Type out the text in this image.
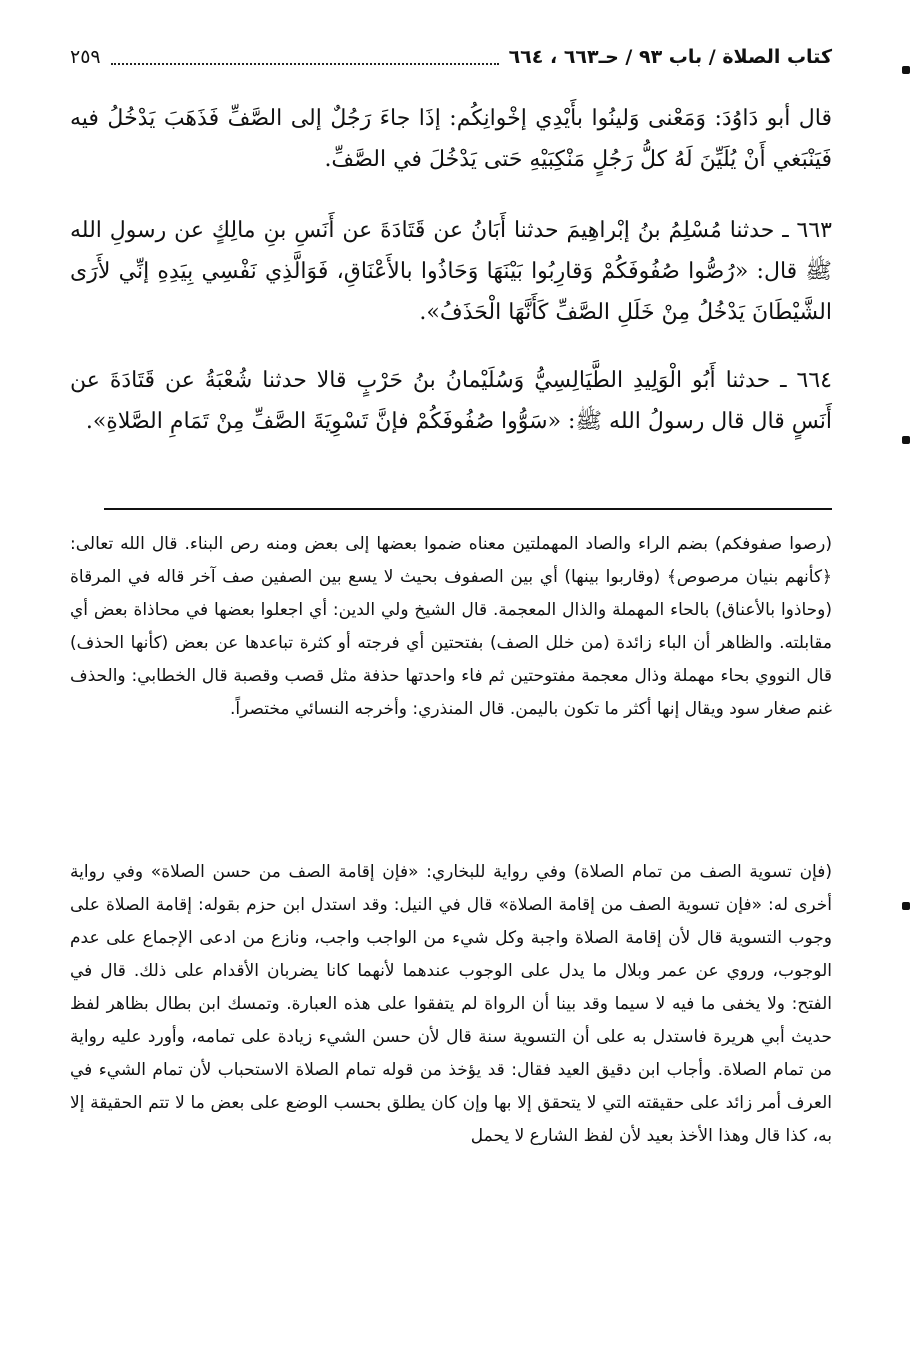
كتاب الصلاة / باب ٩٣ / حـ٦٦٣ ، ٦٦٤
٢٥٩

قال أبو دَاوُدَ: وَمَعْنى وَلينُوا بأَيْدِي إخْوانِكُم: إذَا جاءَ رَجُلٌ إلى الصَّفِّ فَذَهَبَ يَدْخُلُ فيه فَيَنْبَغي أَنْ يُلَيِّنَ لَهُ كلُّ رَجُلٍ مَنْكِبَيْهِ حَتى يَدْخُلَ في الصَّفِّ.

٦٦٣ ـ حدثنا مُسْلِمُ بنُ إبْراهِيمَ حدثنا أَبَانُ عن قَتَادَةَ عن أَنَسِ بنِ مالِكٍ عن رسولِ الله ﷺ قال: «رُصُّوا صُفُوفَكُمْ وَقارِبُوا بَيْنَهَا وَحَاذُوا بالأَعْنَاقِ، فَوَالَّذِي نَفْسِي بِيَدِهِ إنِّي لأَرَى الشَّيْطَانَ يَدْخُلُ مِنْ خَلَلِ الصَّفِّ كَأَنَّهَا الْحَذَفُ».

٦٦٤ ـ حدثنا أَبُو الْوَلِيدِ الطَّيَالِسِيُّ وَسُلَيْمانُ بنُ حَرْبٍ قالا حدثنا شُعْبَةُ عن قَتَادَةَ عن أَنَسٍ قال قال رسولُ الله ﷺ: «سَوُّوا صُفُوفَكُمْ فإنَّ تَسْوِيَةَ الصَّفِّ مِنْ تَمَامِ الصَّلاةِ».

(رصوا صفوفكم) بضم الراء والصاد المهملتين معناه ضموا بعضها إلى بعض ومنه رص البناء. قال الله تعالى: ﴿كأنهم بنيان مرصوص﴾ (وقاربوا بينها) أي بين الصفوف بحيث لا يسع بين الصفين صف آخر قاله في المرقاة (وحاذوا بالأعناق) بالحاء المهملة والذال المعجمة. قال الشيخ ولي الدين: أي اجعلوا بعضها في محاذاة بعض أي مقابلته. والظاهر أن الباء زائدة (من خلل الصف) بفتحتين أي فرجته أو كثرة تباعدها عن بعض (كأنها الحذف) قال النووي بحاء مهملة وذال معجمة مفتوحتين ثم فاء واحدتها حذفة مثل قصب وقصبة قال الخطابي: والحذف غنم صغار سود ويقال إنها أكثر ما تكون باليمن. قال المنذري: وأخرجه النسائي مختصراً.

(فإن تسوية الصف من تمام الصلاة) وفي رواية للبخاري: «فإن إقامة الصف من حسن الصلاة» وفي رواية أخرى له: «فإن تسوية الصف من إقامة الصلاة» قال في النيل: وقد استدل ابن حزم بقوله: إقامة الصلاة على وجوب التسوية قال لأن إقامة الصلاة واجبة وكل شيء من الواجب واجب، ونازع من ادعى الإجماع على عدم الوجوب، وروي عن عمر وبلال ما يدل على الوجوب عندهما لأنهما كانا يضربان الأقدام على ذلك. قال في الفتح: ولا يخفى ما فيه لا سيما وقد بينا أن الرواة لم يتفقوا على هذه العبارة. وتمسك ابن بطال بظاهر لفظ حديث أبي هريرة فاستدل به على أن التسوية سنة قال لأن حسن الشيء زيادة على تمامه، وأورد عليه رواية من تمام الصلاة. وأجاب ابن دقيق العيد فقال: قد يؤخذ من قوله تمام الصلاة الاستحباب لأن تمام الشيء في العرف أمر زائد على حقيقته التي لا يتحقق إلا بها وإن كان يطلق بحسب الوضع على بعض ما لا تتم الحقيقة إلا به، كذا قال وهذا الأخذ بعيد لأن لفظ الشارع لا يحمل
